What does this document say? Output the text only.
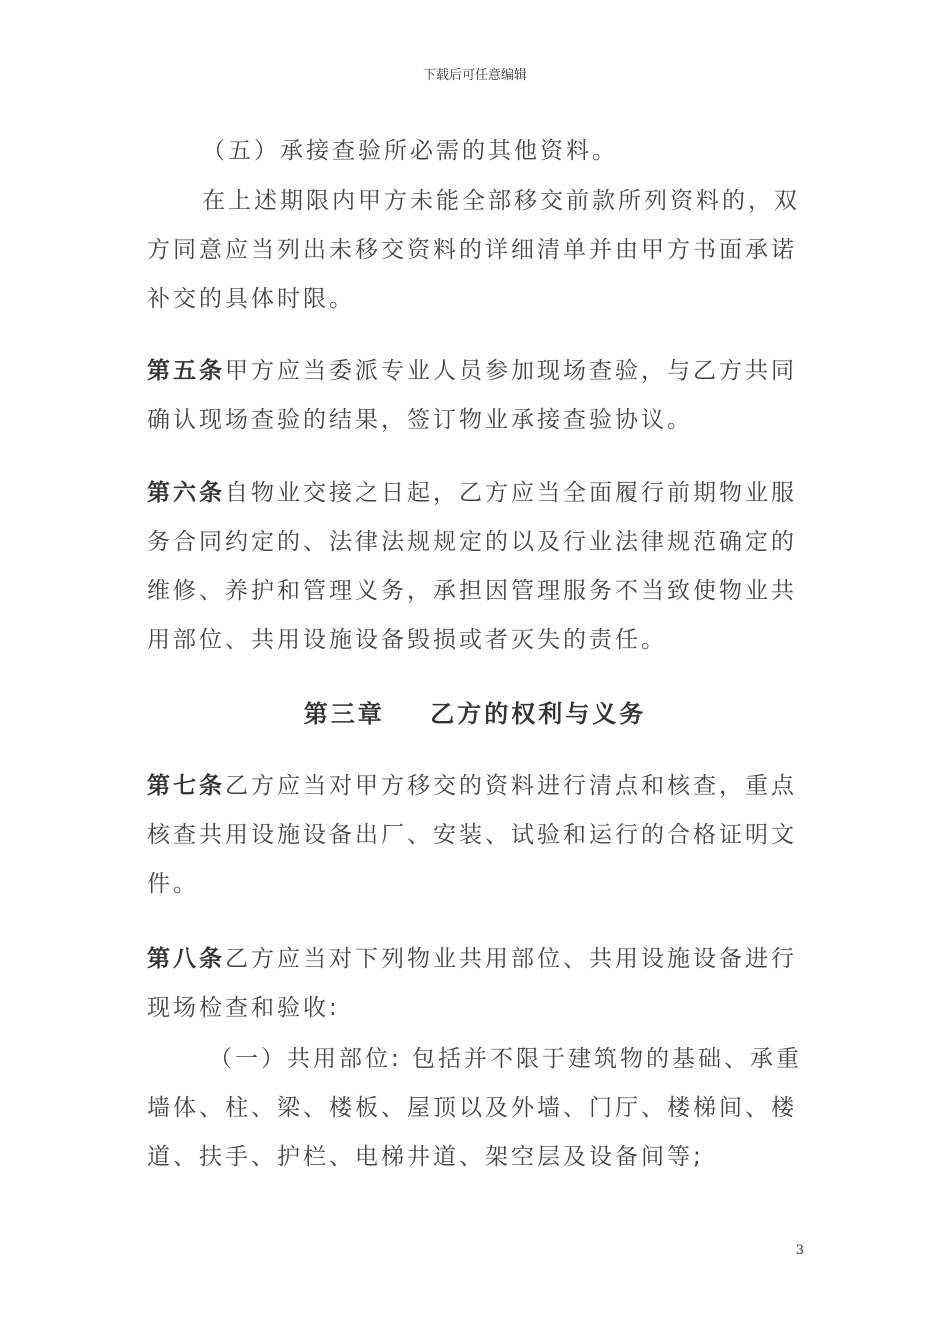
下载后可任意编辑

（五）承接查验所必需的其他资料。

在上述期限内甲方未能全部移交前款所列资料的，双方同意应当列出未移交资料的详细清单并由甲方书面承诺补交的具体时限。

第五条甲方应当委派专业人员参加现场查验，与乙方共同确认现场查验的结果，签订物业承接查验协议。

第六条自物业交接之日起，乙方应当全面履行前期物业服务合同约定的、法律法规规定的以及行业法律规范确定的维修、养护和管理义务，承担因管理服务不当致使物业共用部位、共用设施设备毁损或者灭失的责任。

第三章    乙方的权利与义务

第七条乙方应当对甲方移交的资料进行清点和核查，重点核查共用设施设备出厂、安装、试验和运行的合格证明文件。

第八条乙方应当对下列物业共用部位、共用设施设备进行现场检查和验收:

（一）共用部位: 包括并不限于建筑物的基础、承重墙体、柱、梁、楼板、屋顶以及外墙、门厅、楼梯间、楼道、扶手、护栏、电梯井道、架空层及设备间等;

3
